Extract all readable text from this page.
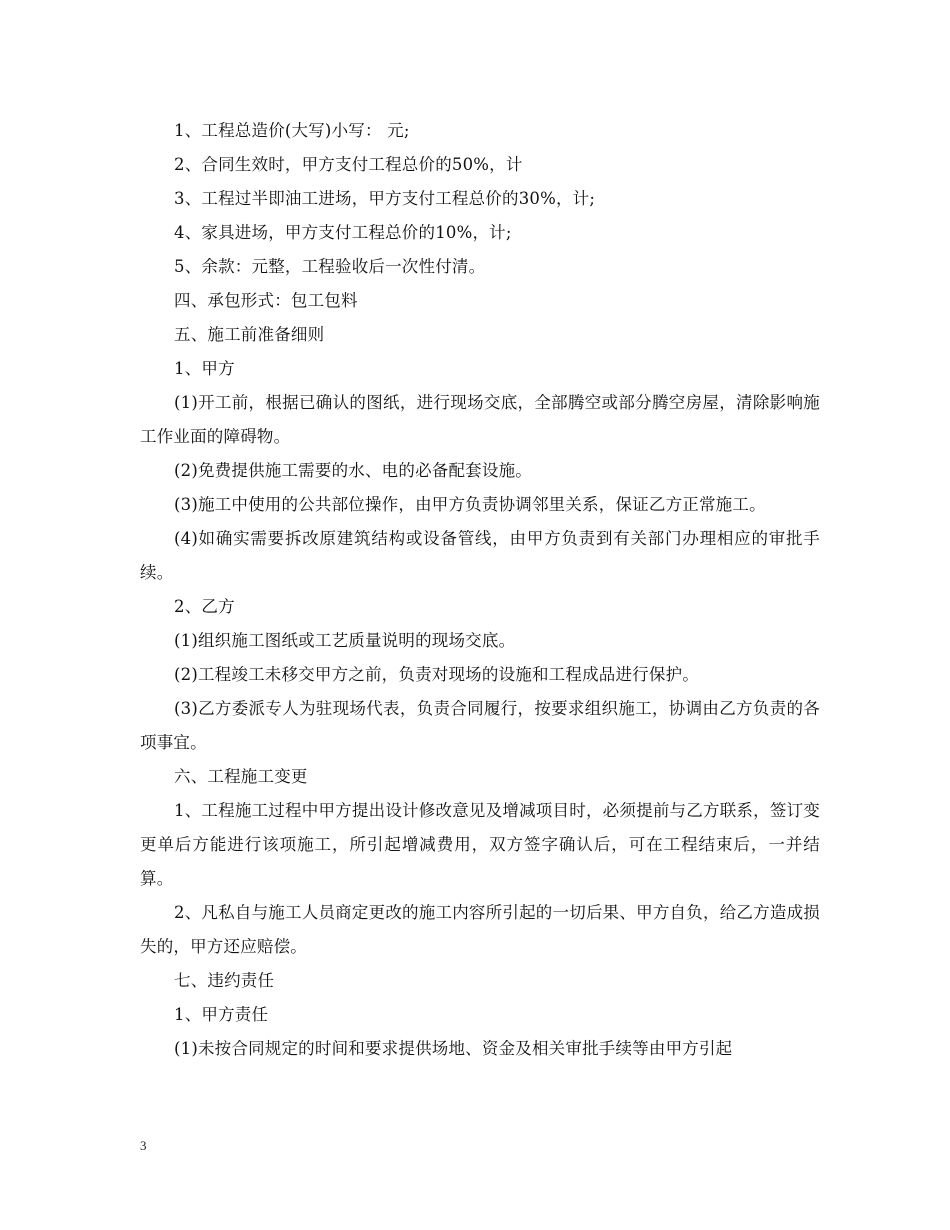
1、工程总造价(大写)小写： 元;

2、合同生效时，甲方支付工程总价的50%，计

3、工程过半即油工进场，甲方支付工程总价的30%，计;

4、家具进场，甲方支付工程总价的10%，计;

5、余款：元整，工程验收后一次性付清。

四、承包形式：包工包料

五、施工前准备细则

1、甲方

(1)开工前，根据已确认的图纸，进行现场交底，全部腾空或部分腾空房屋，清除影响施工作业面的障碍物。

(2)免费提供施工需要的水、电的必备配套设施。

(3)施工中使用的公共部位操作，由甲方负责协调邻里关系，保证乙方正常施工。

(4)如确实需要拆改原建筑结构或设备管线，由甲方负责到有关部门办理相应的审批手续。

2、乙方

(1)组织施工图纸或工艺质量说明的现场交底。

(2)工程竣工未移交甲方之前，负责对现场的设施和工程成品进行保护。

(3)乙方委派专人为驻现场代表，负责合同履行，按要求组织施工，协调由乙方负责的各项事宜。

六、工程施工变更

1、工程施工过程中甲方提出设计修改意见及增减项目时，必须提前与乙方联系，签订变更单后方能进行该项施工，所引起增减费用，双方签字确认后，可在工程结束后，一并结算。

2、凡私自与施工人员商定更改的施工内容所引起的一切后果、甲方自负，给乙方造成损失的，甲方还应赔偿。

七、违约责任

1、甲方责任

(1)未按合同规定的时间和要求提供场地、资金及相关审批手续等由甲方引起

3
